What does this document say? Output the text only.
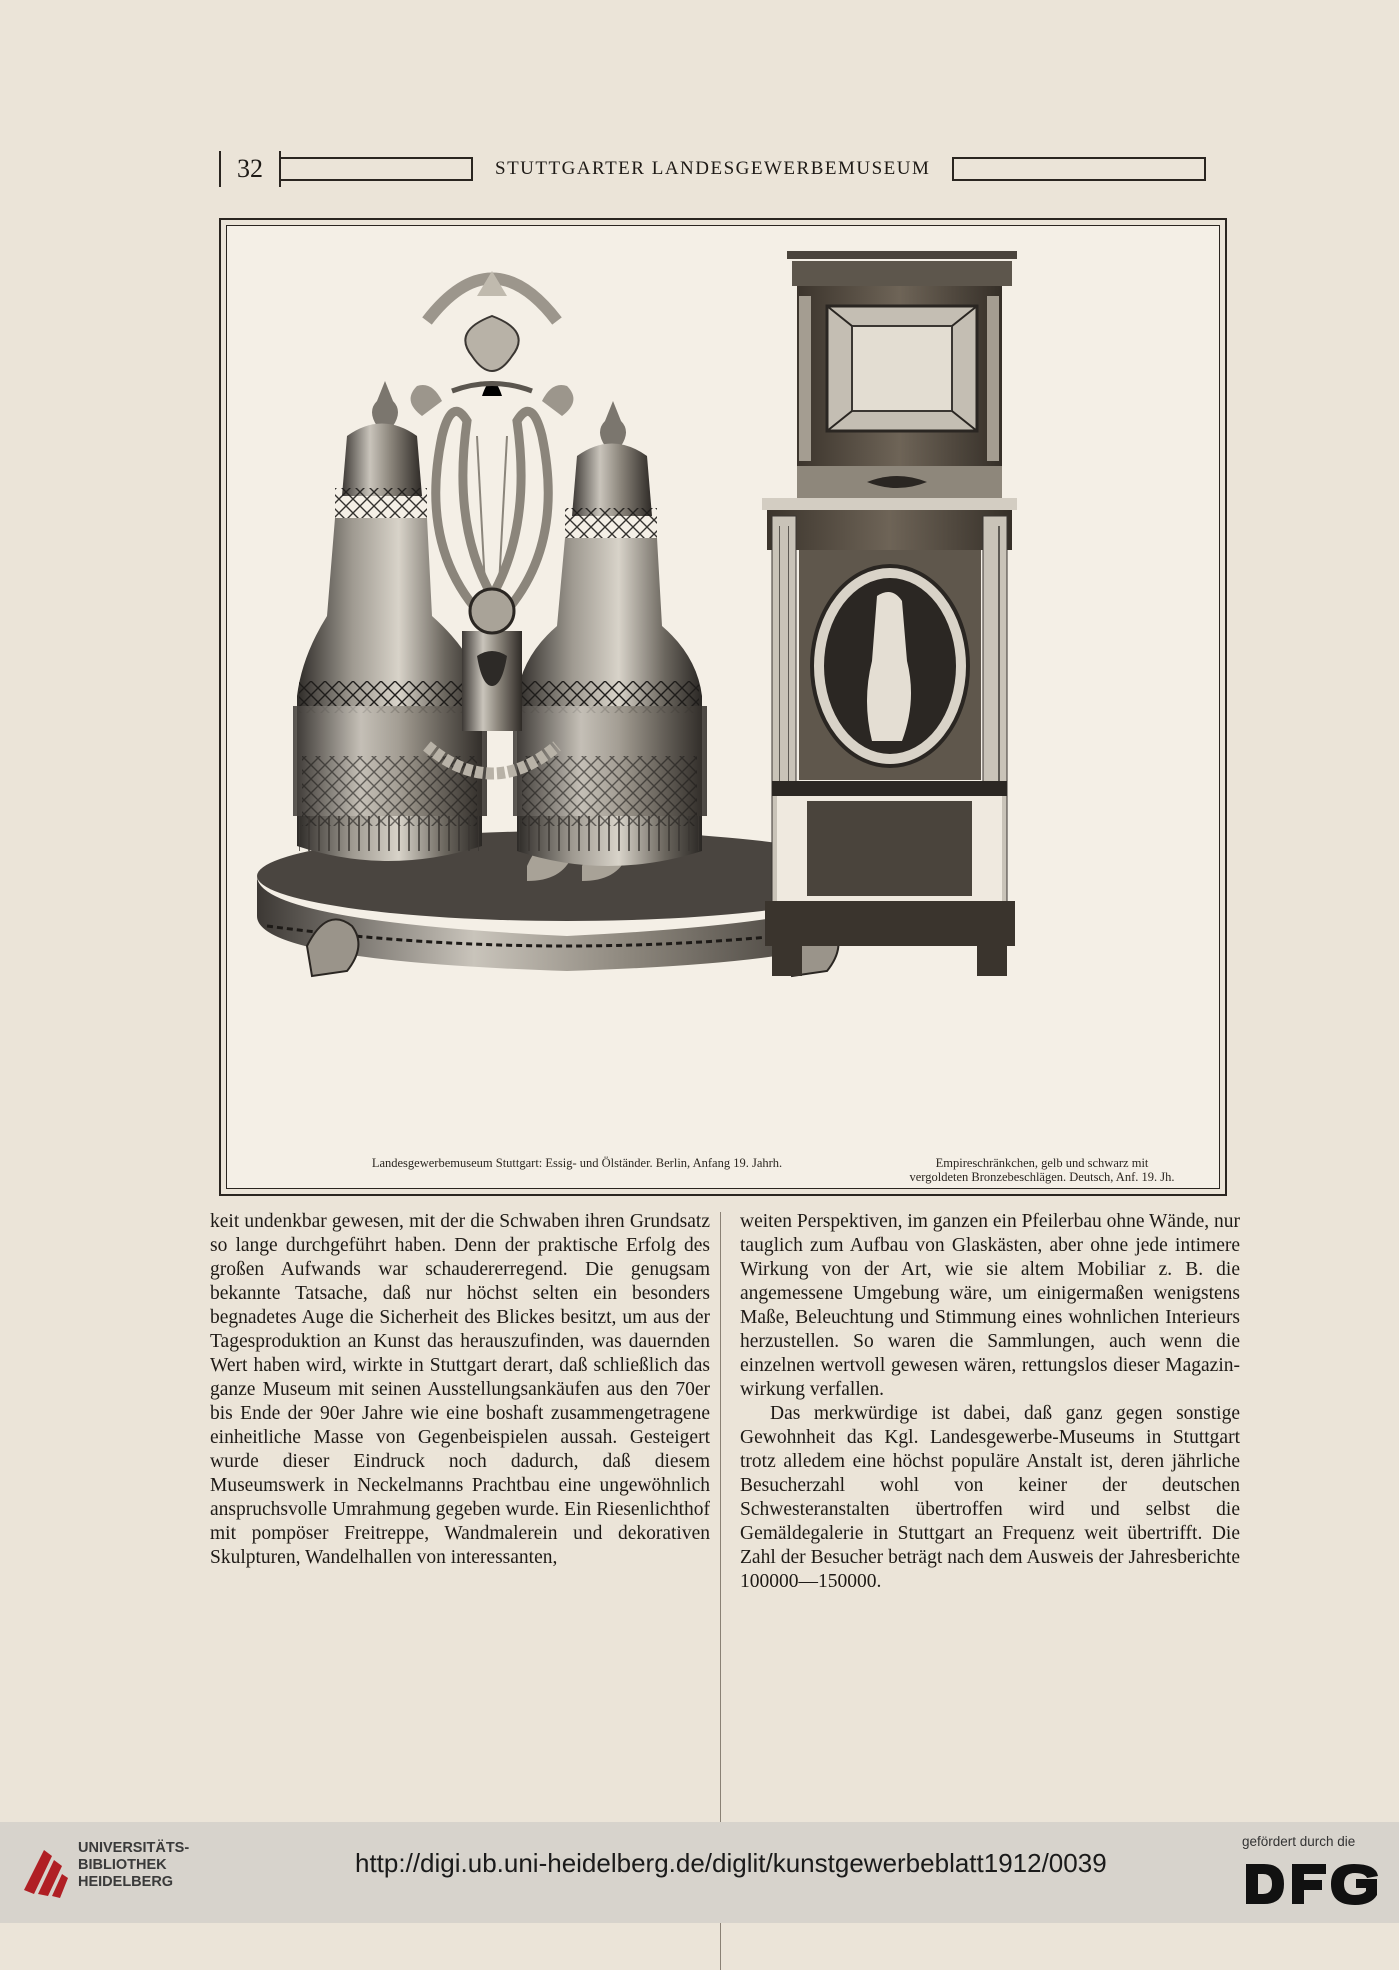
32	STUTTGARTER LANDESGEWERBEMUSEUM
Landesgewerbemuseum Stuttgart: Essig- und Ölständer. Berlin, Anfang 19. Jahrh.	Empireschränkchen, gelb und schwarz mit
vergoldeten Bronzebeschlägen. Deutsch, Anf. 19. Jh.

keit undenkbar gewesen, mit der die Schwaben ihren Grundsatz so lange durchgeführt haben. Denn der praktische Erfolg des großen Aufwands war schaudererregend. Die genugsam bekannte Tatsache, daß nur höchst selten ein besonders begnadetes Auge die Sicherheit des Blickes besitzt, um aus der Tagesproduktion an Kunst das herauszufinden, was dauernden Wert haben wird, wirkte in Stuttgart derart, daß schließlich das ganze Museum mit seinen Ausstellungsankäufen aus den 70er bis Ende der 90er Jahre wie eine boshaft zusammengetragene einheitliche Masse von Gegenbeispielen aussah. Gesteigert wurde dieser Eindruck noch dadurch, daß diesem Museumswerk in Neckelmanns Prachtbau eine ungewöhnlich anspruchsvolle Umrahmung gegeben wurde. Ein Riesenlichthof mit pompöser Freitreppe, Wandmalerein und dekorativen Skulpturen, Wandelhallen von interessanten,

weiten Perspektiven, im ganzen ein Pfeilerbau ohne Wände, nur tauglich zum Aufbau von Glaskästen, aber ohne jede intimere Wirkung von der Art, wie sie altem Mobiliar z. B. die angemessene Umgebung wäre, um einigermaßen wenigstens Maße, Beleuchtung und Stimmung eines wohnlichen Interieurs herzustellen. So waren die Sammlungen, auch wenn die einzelnen wertvoll gewesen wären, rettungslos dieser Magazinwirkung verfallen.

Das merkwürdige ist dabei, daß ganz gegen sonstige Gewohnheit das Kgl. Landesgewerbe-Museums in Stuttgart trotz alledem eine höchst populäre Anstalt ist, deren jährliche Besucherzahl wohl von keiner der deutschen Schwesteranstalten übertroffen wird und selbst die Gemäldegalerie in Stuttgart an Frequenz weit übertrifft. Die Zahl der Besucher beträgt nach dem Ausweis der Jahresberichte 100000—150000.

UNIVERSITÄTS-
BIBLIOTHEK
HEIDELBERG
http://digi.ub.uni-heidelberg.de/diglit/kunstgewerbeblatt1912/0039
gefördert durch die
